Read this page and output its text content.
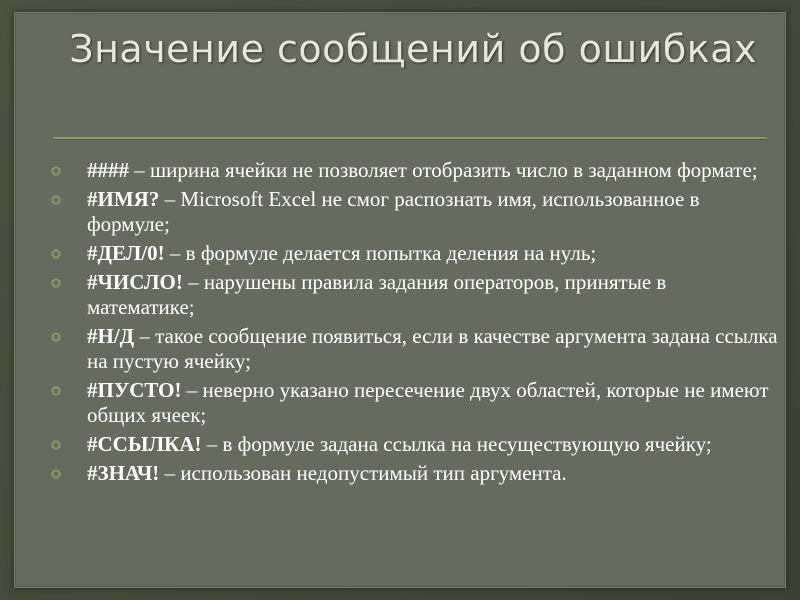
Значение сообщений об ошибках
#### – ширина ячейки не позволяет отобразить число в заданном формате;
#ИМЯ? – Microsoft Excel не смог распознать имя, использованное в формуле;
#ДЕЛ/0! – в формуле делается попытка деления на нуль;
#ЧИСЛО! – нарушены правила задания операторов, принятые в математике;
#Н/Д – такое сообщение появиться, если в качестве аргумента задана ссылка на пустую ячейку;
#ПУСТО! – неверно указано пересечение двух областей, которые не имеют общих ячеек;
#ССЫЛКА! – в формуле задана ссылка на несуществующую ячейку;
#ЗНАЧ! – использован недопустимый тип аргумента.
